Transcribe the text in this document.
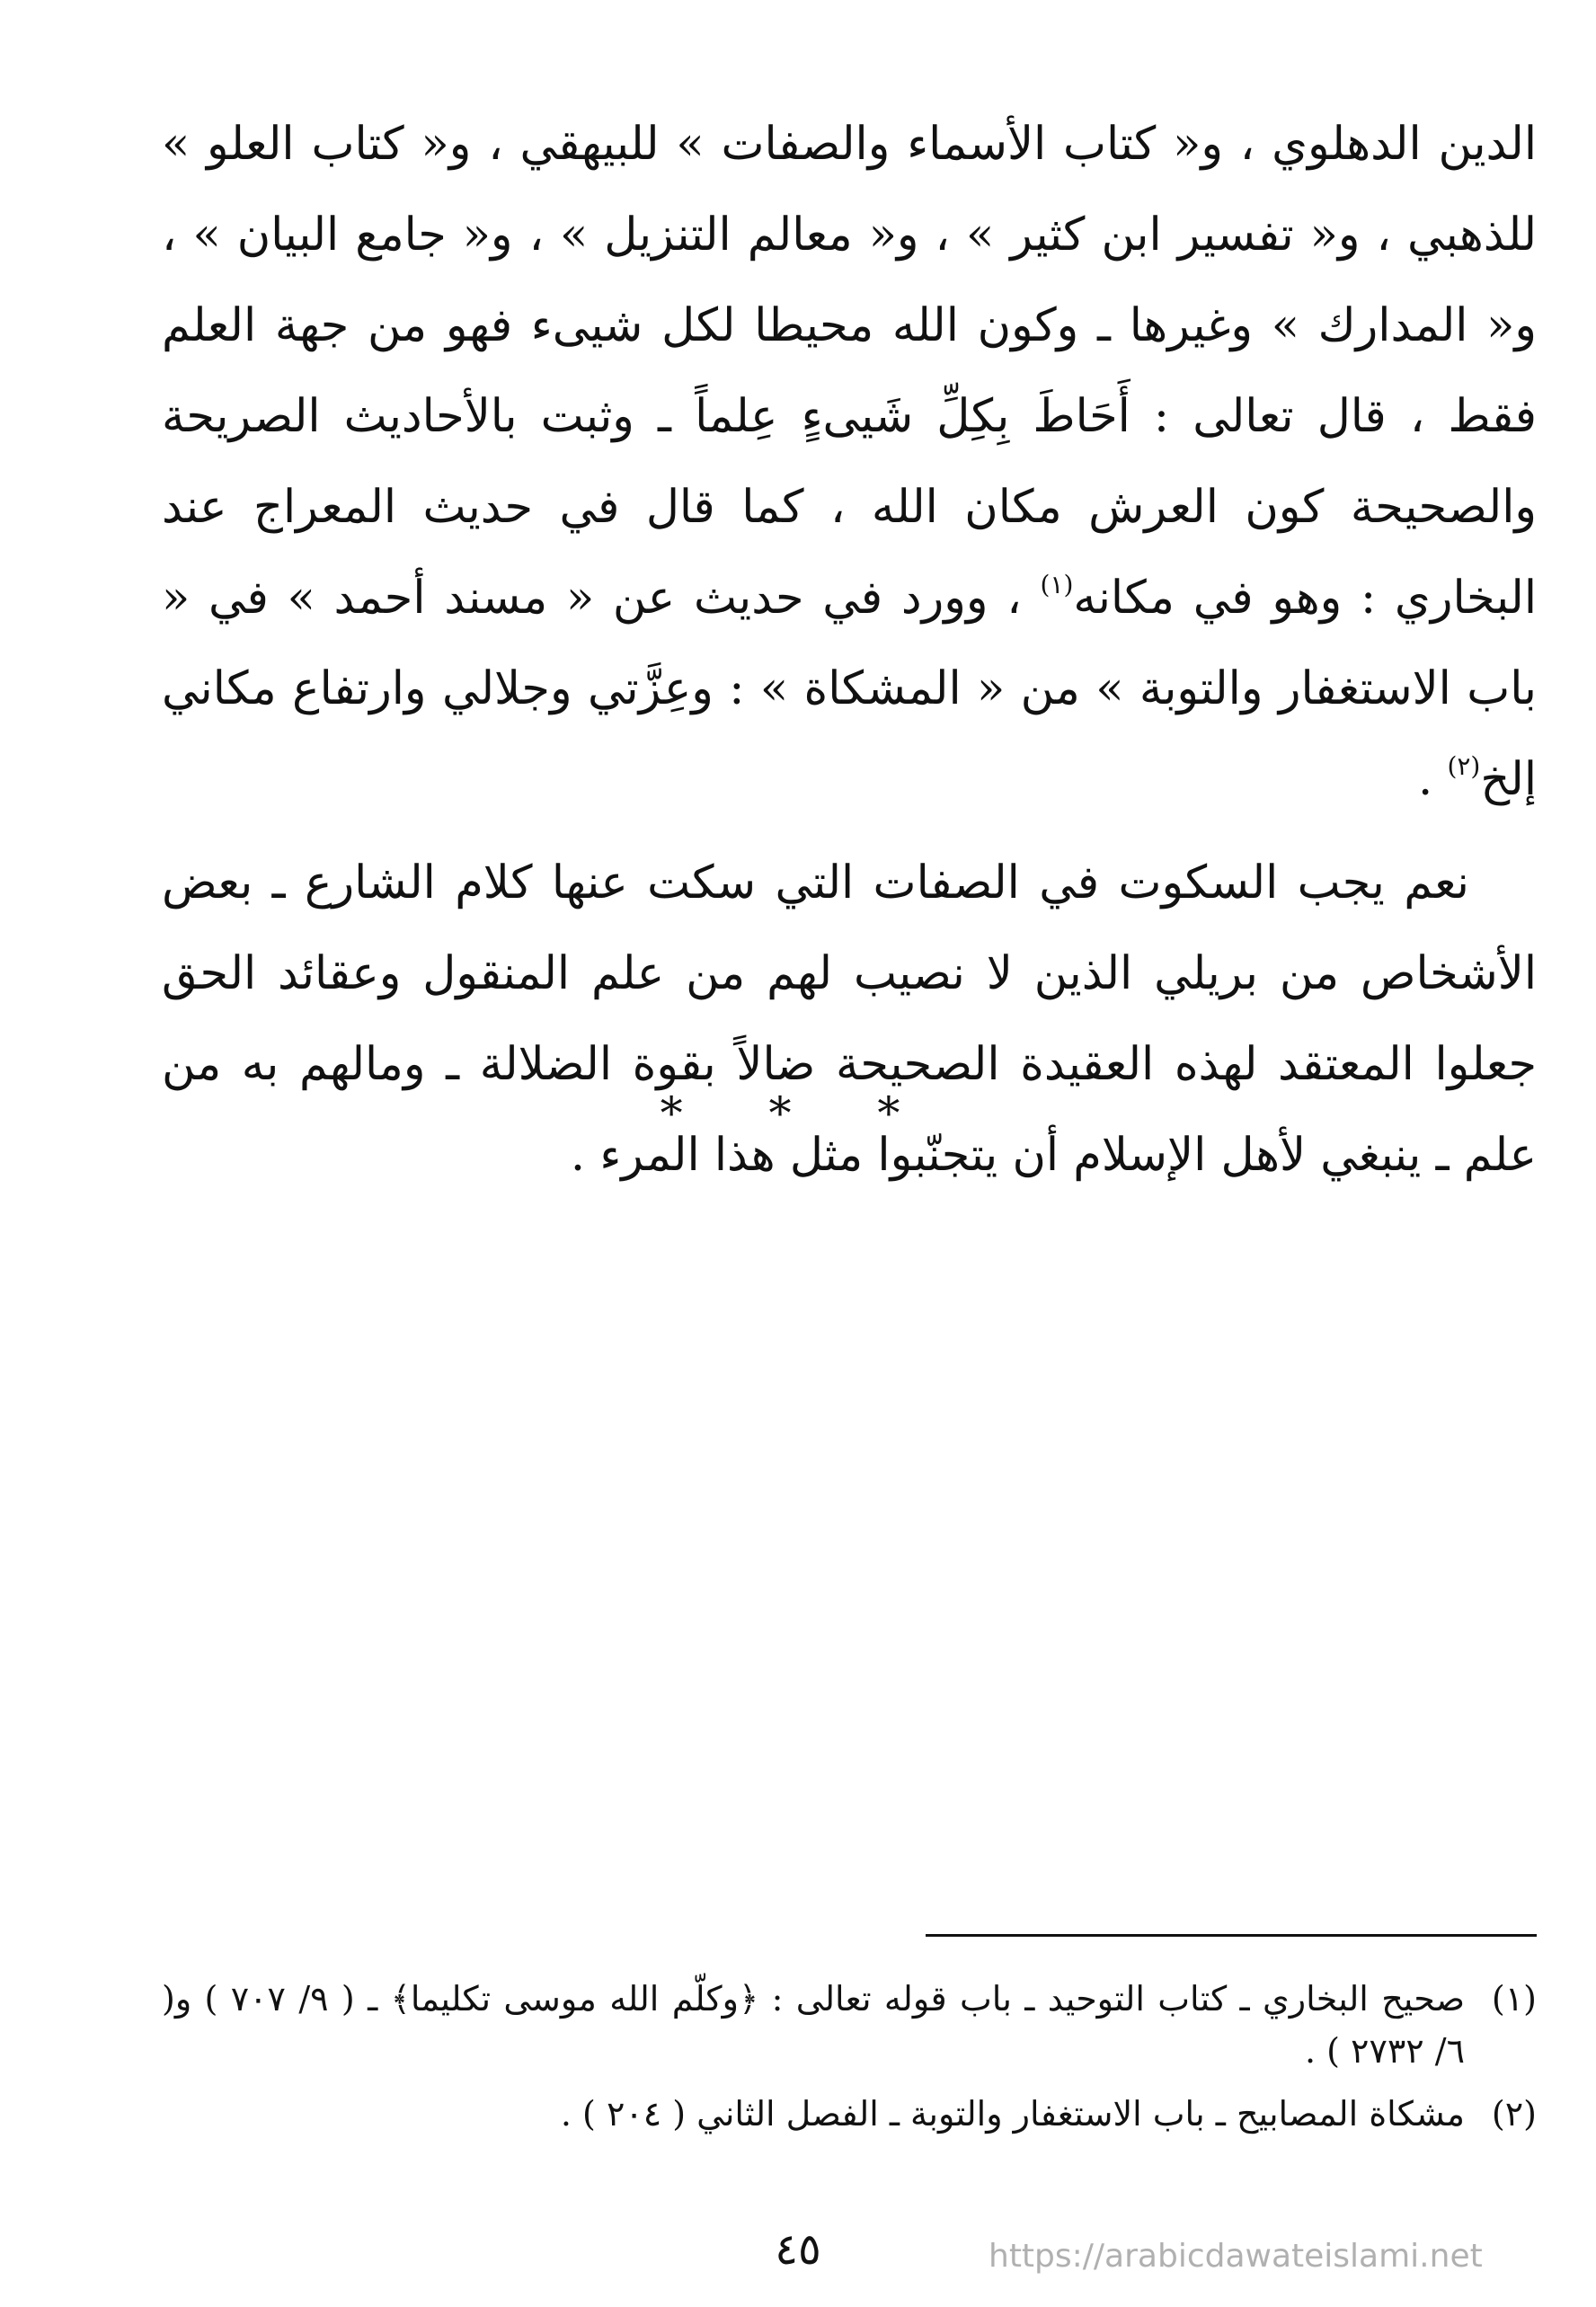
الدين الدهلوي ، و« كتاب الأسماء والصفات » للبيهقي ، و« كتاب العلو » للذهبي ، و« تفسير ابن كثير » ، و« معالم التنزيل » ، و« جامع البيان » ، و« المدارك » وغيرها ـ وكون الله محيطا لكل شيىء فهو من جهة العلم فقط ، قال تعالى : أَحَاطَ بِكِلِّ شَيىءٍ عِلماً ـ وثبت بالأحاديث الصريحة والصحيحة كون العرش مكان الله ، كما قال في حديث المعراج عند البخاري : وهو في مكانه$^{(١)}$ ، وورد في حديث عن « مسند أحمد » في « باب الاستغفار والتوبة » من « المشكاة » : وعِزَّتي وجلالي وارتفاع مكاني إلخ$^{(٢)}$ .

نعم يجب السكوت في الصفات التي سكت عنها كلام الشارع ـ بعض الأشخاص من بريلي الذين لا نصيب لهم من علم المنقول وعقائد الحق جعلوا المعتقد لهذه العقيدة الصحيحة ضالاً بقوة الضلالة ـ ومالهم به من علم ـ ينبغي لأهل الإسلام أن يتجنّبوا مثل هذا المرء .

* * *
(١)
صحيح البخاري ـ كتاب التوحيد ـ باب قوله تعالى : ﴿وكلّم الله موسى تكليما﴾ ـ ( ٩/ ٧٠٧ ) و( ٦/ ٢٧٣٢ ) .
(٢)
مشكاة المصابيح ـ باب الاستغفار والتوبة ـ الفصل الثاني ( ٢٠٤ ) .
٤٥	https://arabicdawateislami.net
